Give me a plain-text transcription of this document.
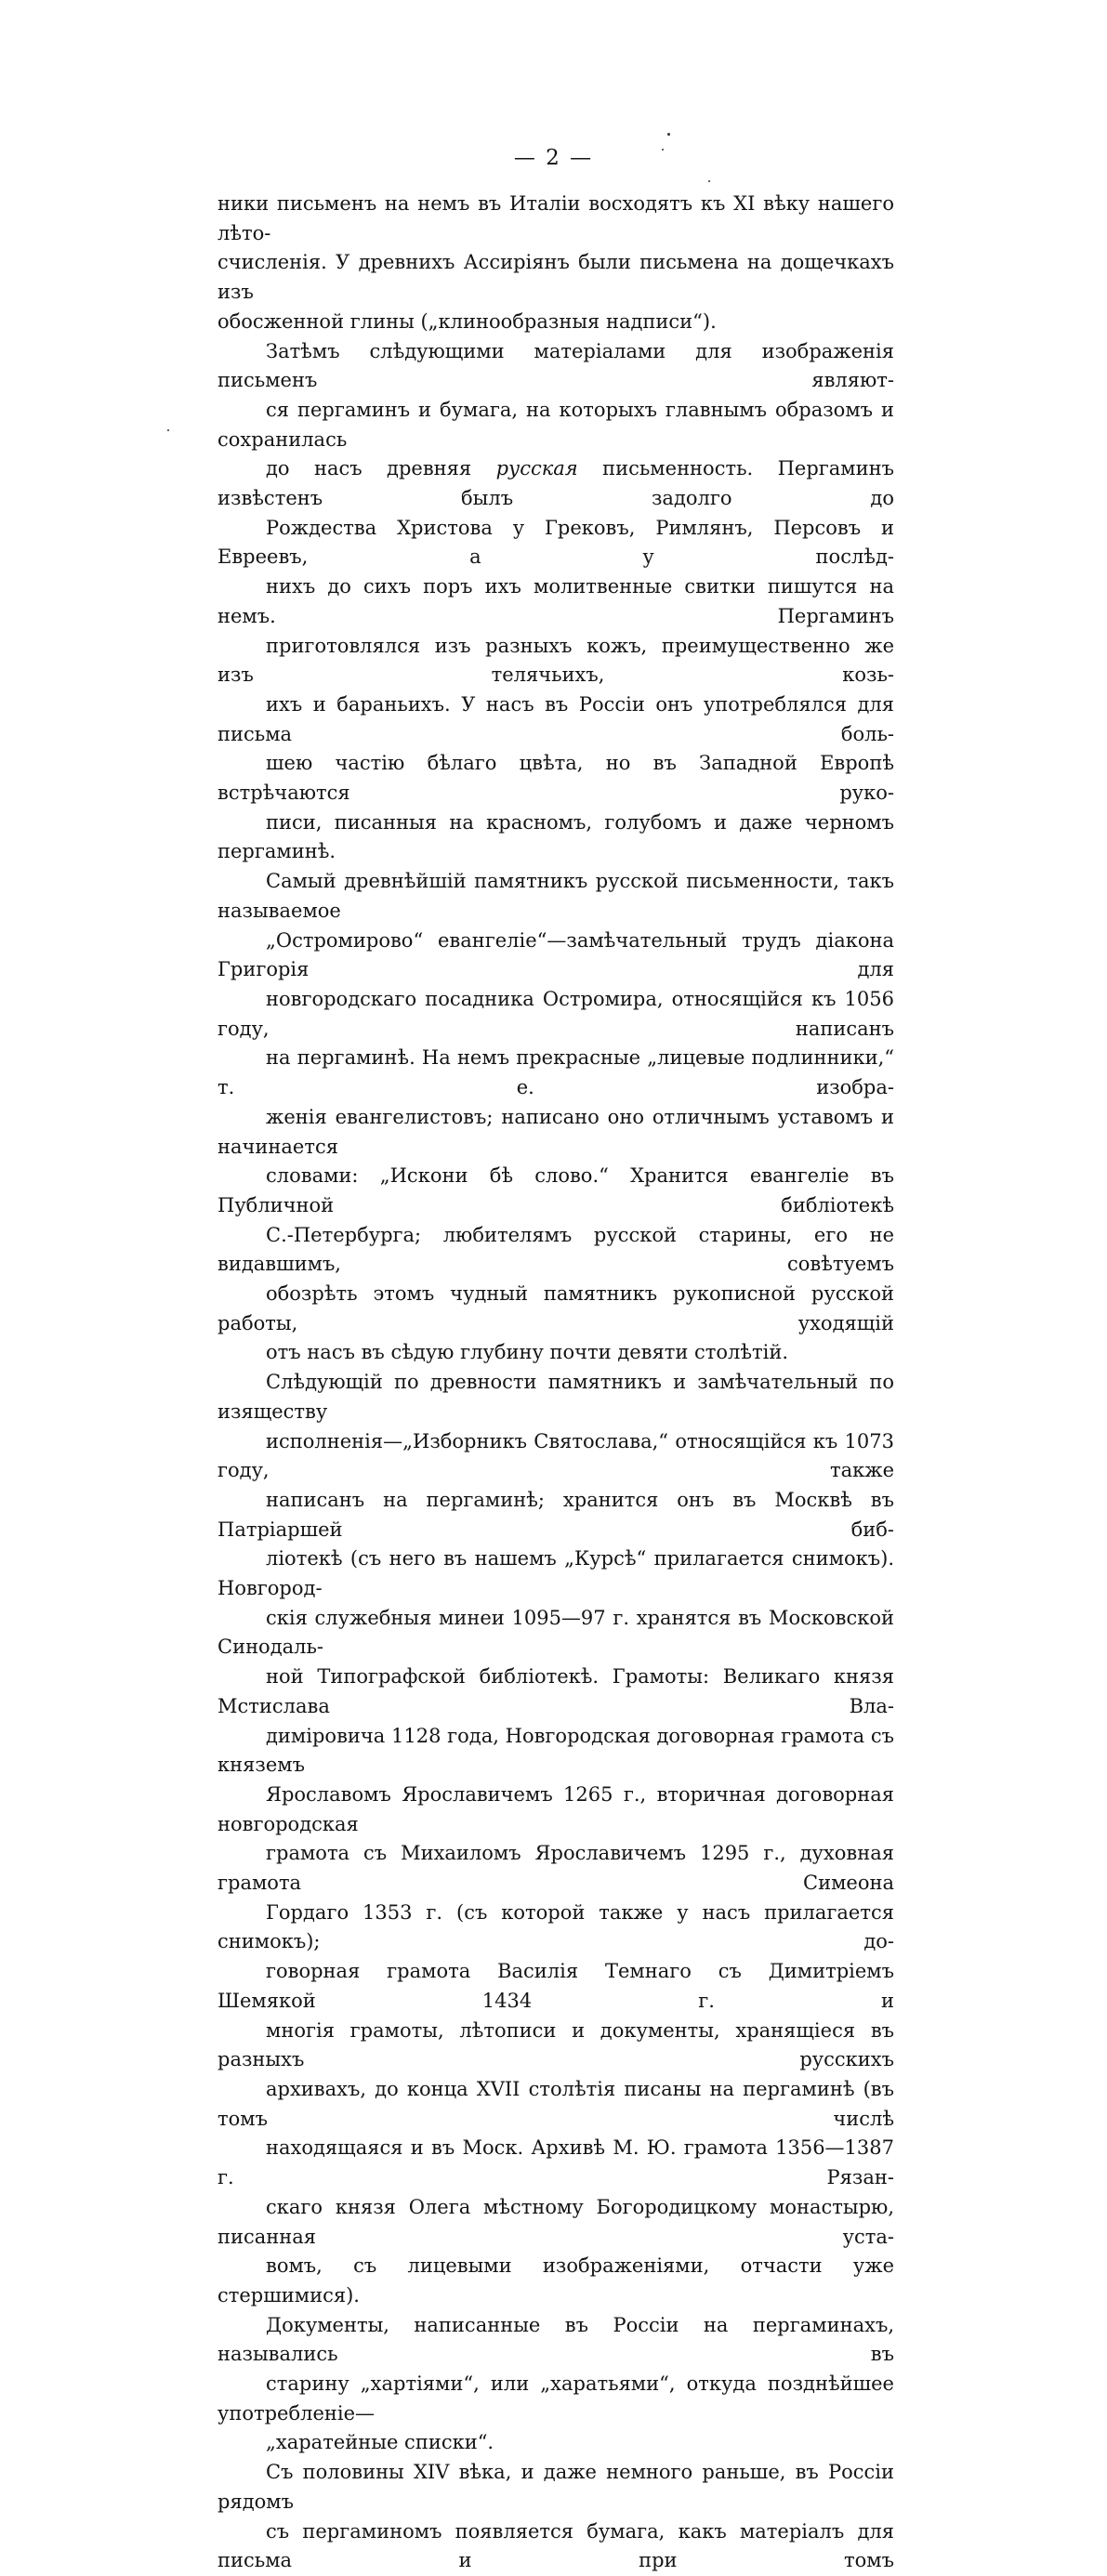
— 2 —
ники письменъ на немъ въ Италіи восходятъ къ XI вѣку нашего лѣто-
счисленія. У древнихъ Ассиріянъ были письмена на дощечкахъ изъ
обосженной глины („клинообразныя надписи“).
Затѣмъ слѣдующими матеріалами для изображенія письменъ являют-
ся пергаминъ и бумага, на которыхъ главнымъ образомъ и сохранилась
до насъ древняя русская письменность. Пергаминъ извѣстенъ былъ задолго до
Рождества Христова у Грековъ, Римлянъ, Персовъ и Евреевъ, а у послѣд-
нихъ до сихъ поръ ихъ молитвенные свитки пишутся на немъ. Пергаминъ
приготовлялся изъ разныхъ кожъ, преимущественно же изъ телячьихъ, козь-
ихъ и бараньихъ. У насъ въ Россіи онъ употреблялся для письма боль-
шею частію бѣлаго цвѣта, но въ Западной Европѣ встрѣчаются руко-
писи, писанныя на красномъ, голубомъ и даже черномъ пергаминѣ.
Самый древнѣйшій памятникъ русской письменности, такъ называемое
„Остромирово“ евангеліе“—замѣчательный трудъ діакона Григорія для
новгородскаго посадника Остромира, относящійся къ 1056 году, написанъ
на пергаминѣ. На немъ прекрасные „лицевые подлинники,“ т. е. изобра-
женія евангелистовъ; написано оно отличнымъ уставомъ и начинается
словами: „Искони бѣ слово.“ Хранится евангеліе въ Публичной библіотекѣ
С.-Петербурга; любителямъ русской старины, его не видавшимъ, совѣтуемъ
обозрѣть этомъ чудный памятникъ рукописной русской работы, уходящій
отъ насъ въ сѣдую глубину почти девяти столѣтій.
Слѣдующій по древности памятникъ и замѣчательный по изяществу
исполненія—„Изборникъ Святослава,“ относящійся къ 1073 году, также
написанъ на пергаминѣ; хранится онъ въ Москвѣ въ Патріаршей биб-
ліотекѣ (съ него въ нашемъ „Курсѣ“ прилагается снимокъ). Новгород-
скія служебныя минеи 1095—97 г. хранятся въ Московской Синодаль-
ной Типографской библіотекѣ. Грамоты: Великаго князя Мстислава Вла-
диміровича 1128 года, Новгородская договорная грамота съ княземъ
Ярославомъ Ярославичемъ 1265 г., вторичная договорная новгородская
грамота съ Михаиломъ Ярославичемъ 1295 г., духовная грамота Симеона
Гордаго 1353 г. (съ которой также у насъ прилагается снимокъ); до-
говорная грамота Василія Темнаго съ Димитріемъ Шемякой 1434 г. и
многія грамоты, лѣтописи и документы, хранящіеся въ разныхъ русскихъ
архивахъ, до конца XVII столѣтія писаны на пергаминѣ (въ томъ числѣ
находящаяся и въ Моск. Архивѣ М. Ю. грамота 1356—1387 г. Рязан-
скаго князя Олега мѣстному Богородицкому монастырю, писанная уста-
вомъ, съ лицевыми изображеніями, отчасти уже стершимися).
Документы, написанные въ Россіи на пергаминахъ, назывались въ
старину „хартіями“, или „харатьями“, откуда позднѣйшее употребленіе—
„харатейные списки“.
Съ половины XIV вѣка, и даже немного раньше, въ Россіи рядомъ
съ пергаминомъ появляется бумага, какъ матеріалъ для письма и при томъ
